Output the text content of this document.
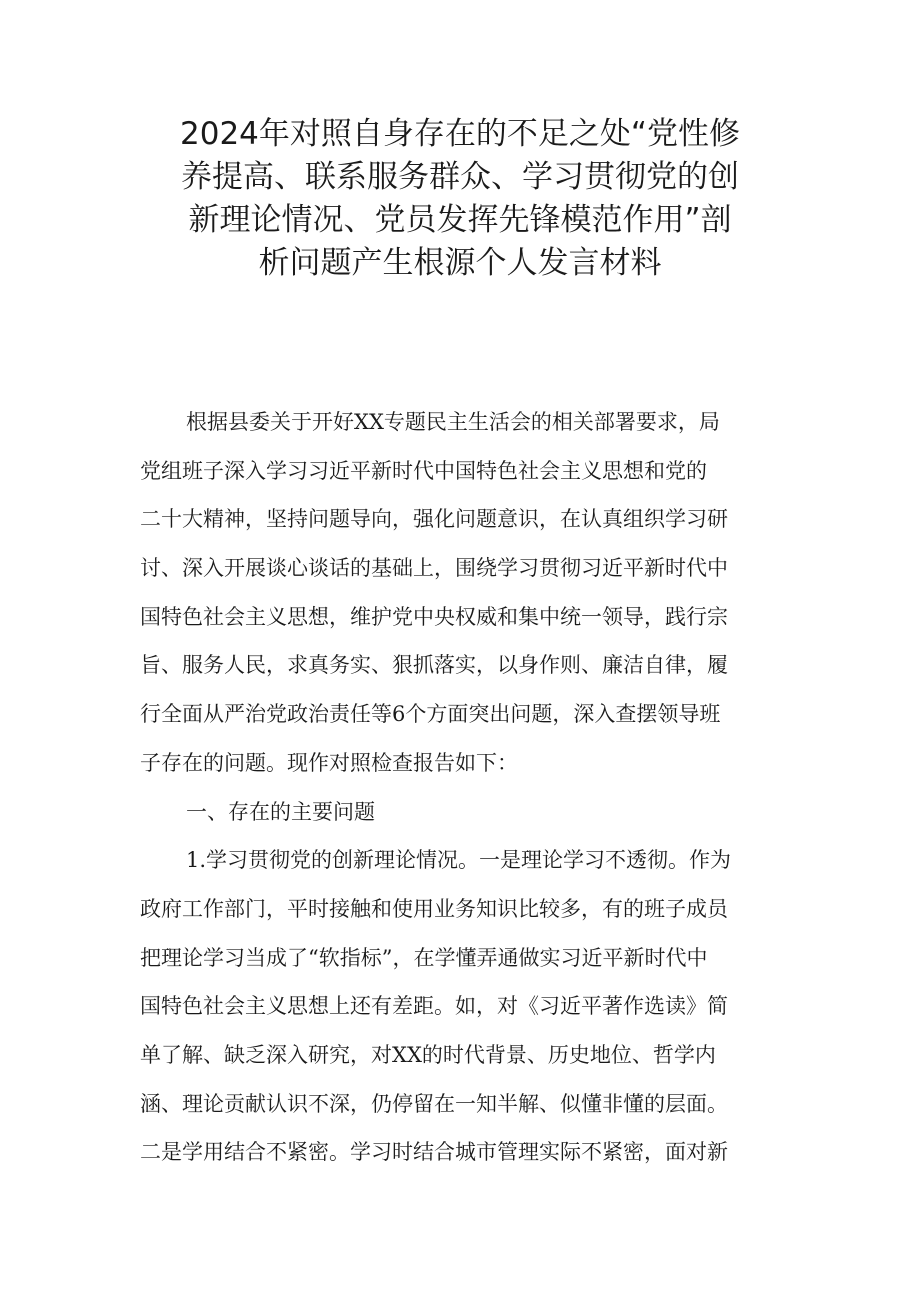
2024年对照自身存在的不足之处“党性修
养提高、联系服务群众、学习贯彻党的创
新理论情况、党员发挥先锋模范作用”剖
析问题产生根源个人发言材料
根据县委关于开好XX专题民主生活会的相关部署要求，局
党组班子深入学习习近平新时代中国特色社会主义思想和党的
二十大精神，坚持问题导向，强化问题意识，在认真组织学习研
讨、深入开展谈心谈话的基础上，围绕学习贯彻习近平新时代中
国特色社会主义思想，维护党中央权威和集中统一领导，践行宗
旨、服务人民，求真务实、狠抓落实，以身作则、廉洁自律，履
行全面从严治党政治责任等6个方面突出问题，深入查摆领导班
子存在的问题。现作对照检查报告如下：
一、存在的主要问题
1.学习贯彻党的创新理论情况。一是理论学习不透彻。作为
政府工作部门，平时接触和使用业务知识比较多，有的班子成员
把理论学习当成了“软指标”，在学懂弄通做实习近平新时代中
国特色社会主义思想上还有差距。如，对《习近平著作选读》简
单了解、缺乏深入研究，对XX的时代背景、历史地位、哲学内
涵、理论贡献认识不深，仍停留在一知半解、似懂非懂的层面。
二是学用结合不紧密。学习时结合城市管理实际不紧密，面对新
